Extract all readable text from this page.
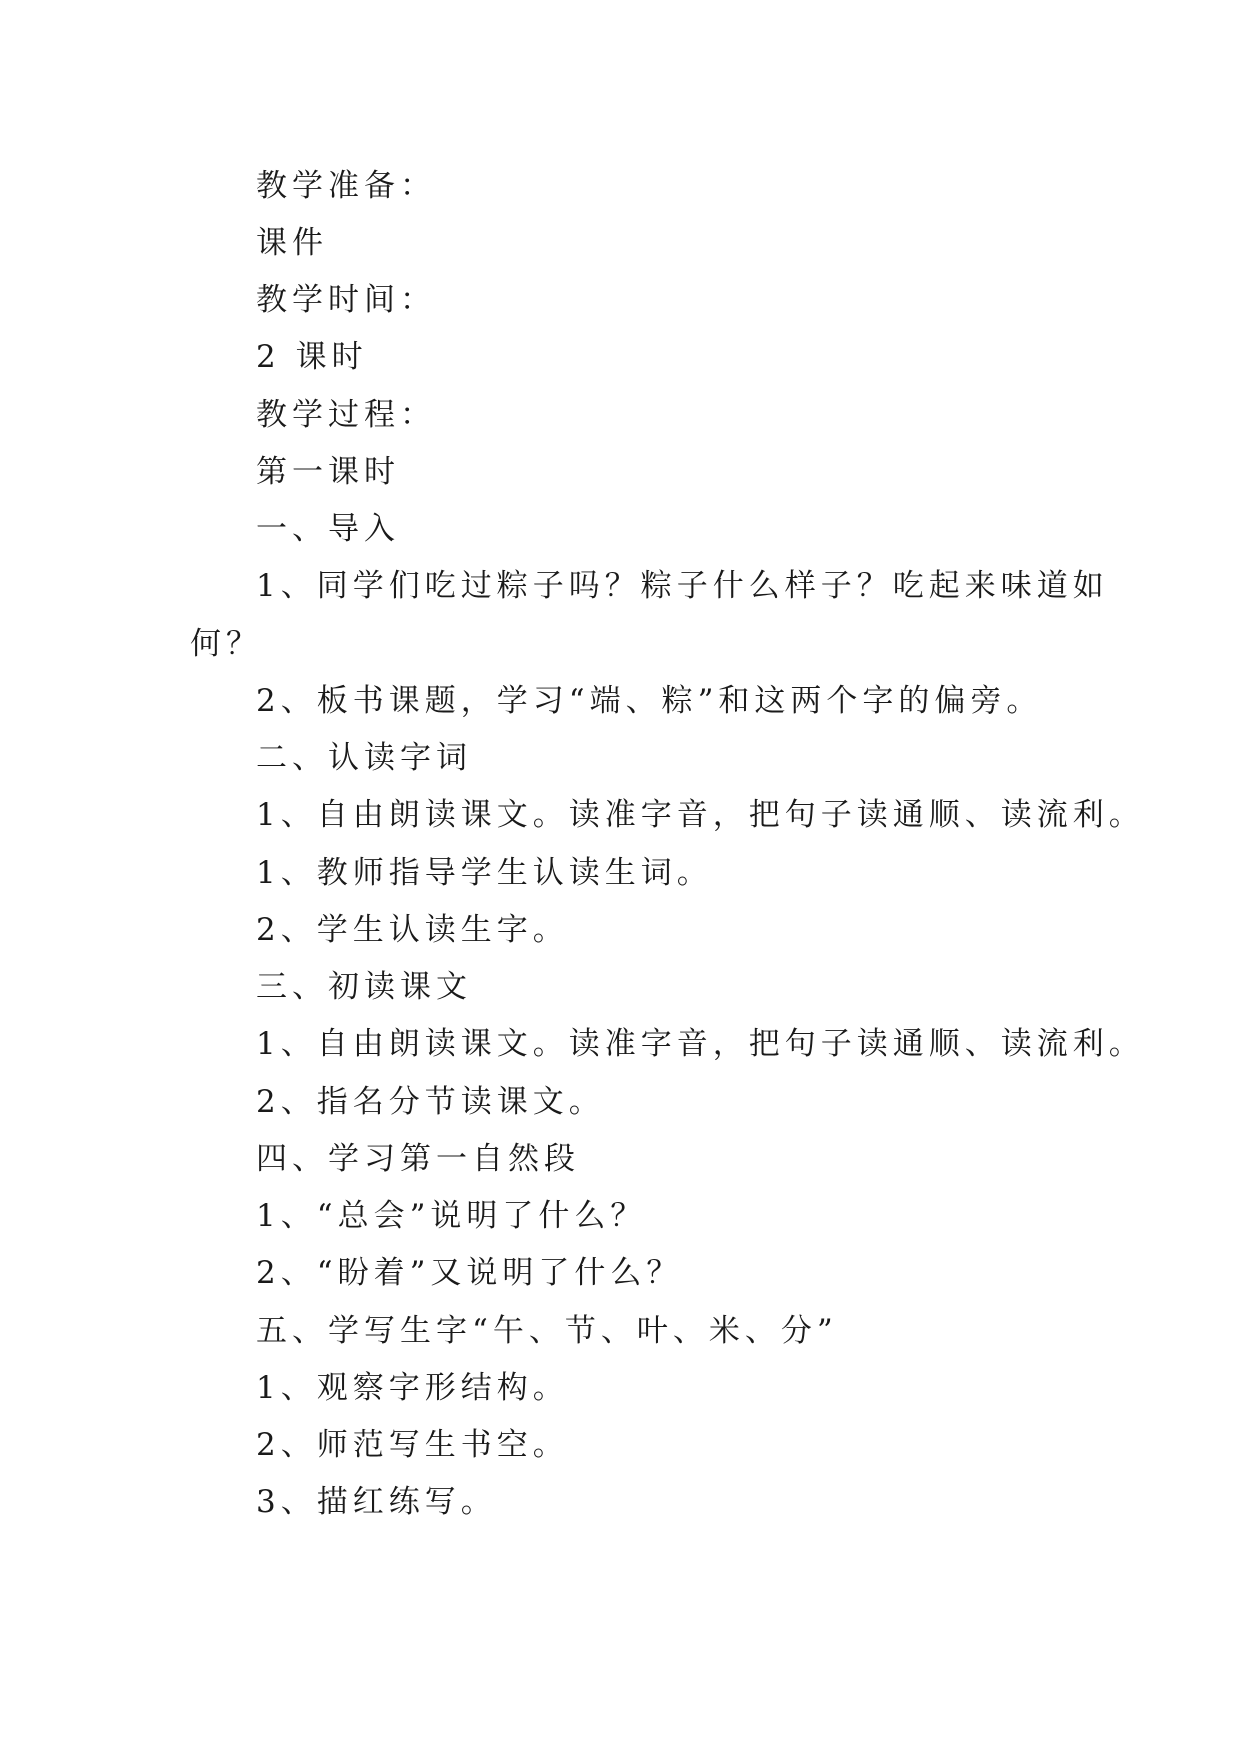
教学准备：
课件
教学时间：
2 课时
教学过程：
第一课时
一、导入
1、同学们吃过粽子吗？粽子什么样子？吃起来味道如
何？
2、板书课题，学习“端、粽”和这两个字的偏旁。
二、认读字词
1、自由朗读课文。读准字音，把句子读通顺、读流利。
1、教师指导学生认读生词。
2、学生认读生字。
三、初读课文
1、自由朗读课文。读准字音，把句子读通顺、读流利。
2、指名分节读课文。
四、学习第一自然段
1、“总会”说明了什么？
2、“盼着”又说明了什么？
五、学写生字“午、节、叶、米、分”
1、观察字形结构。
2、师范写生书空。
3、描红练写。
